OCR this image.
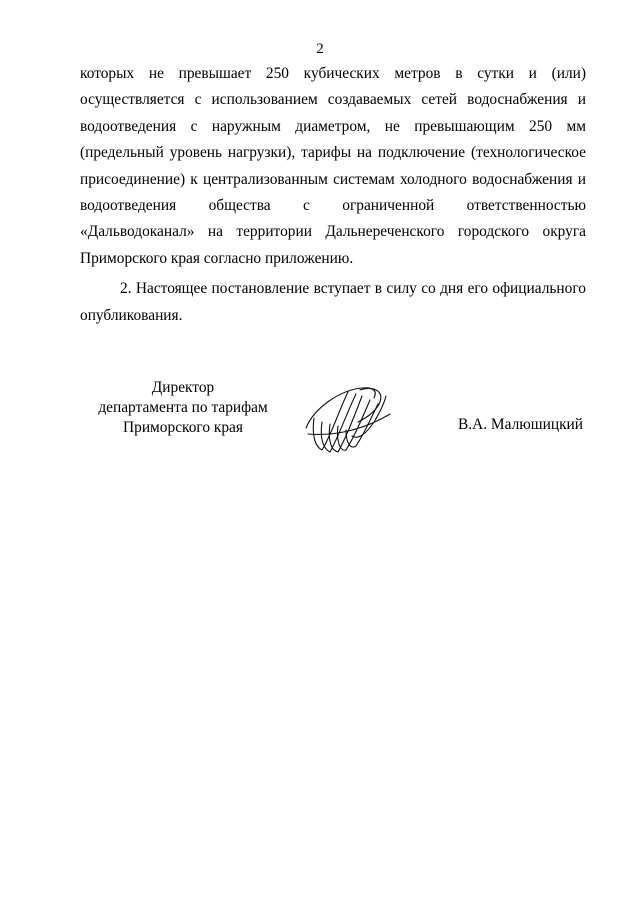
2

которых не превышает 250 кубических метров в сутки и (или) осуществляется с использованием создаваемых сетей водоснабжения и водоотведения с наружным диаметром, не превышающим 250 мм (предельный уровень нагрузки), тарифы на подключение (технологическое присоединение) к централизованным системам холодного водоснабжения и водоотведения общества с ограниченной ответственностью «Дальводоканал» на территории Дальнереченского городского округа Приморского края согласно приложению.

2. Настоящее постановление вступает в силу со дня его официального опубликования.

Директор
департамента по тарифам
Приморского края	В.А. Малюшицкий
